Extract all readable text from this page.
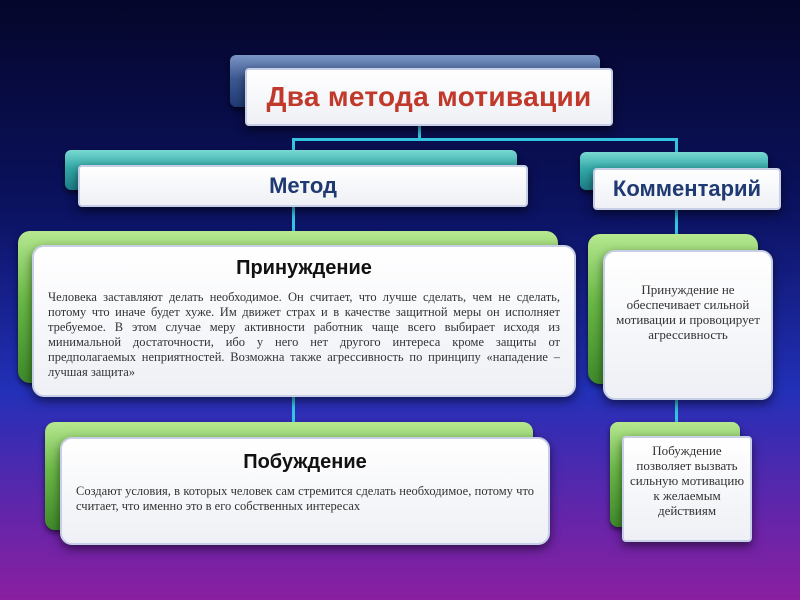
Два метода мотивации
Метод	Комментарий
Принуждение
Человека заставляют делать необходимое. Он считает, что лучше сделать, чем не сделать, потому что иначе будет хуже. Им движет страх и в качестве защитной меры он исполняет требуемое. В этом случае меру активности работник чаще всего выбирает исходя из минимальной достаточности, ибо у него нет другого интереса кроме защиты от предполагаемых неприятностей. Возможна также агрессивность по принципу «нападение – лучшая защита»
Принуждение не обеспечивает сильной мотивации и провоцирует агрессивность
Побуждение
Создают условия, в которых человек сам стремится сделать необходимое, потому что считает, что именно это в его собственных интересах
Побуждение позволяет вызвать сильную мотивацию к желаемым действиям
